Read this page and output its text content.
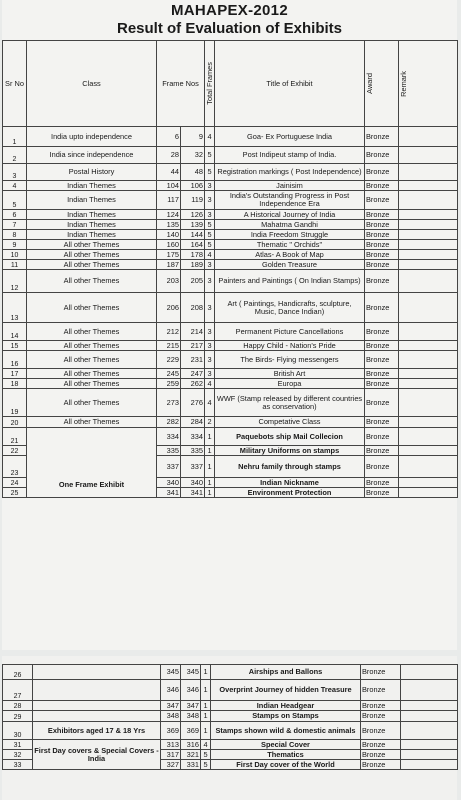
MAHAPEX-2012
Result of Evaluation of Exhibits
Sr No	Class	Frame Nos		Total Frames	Title of Exhibit	Award	Remark

1	India upto independence	6	9	4	Goa- Ex Portuguese India	Bronze	
2	India since independence	28	32	5	Post Indipeut stamp of India.	Bronze	
3	Postal History	44	48	5	Registration markings ( Post Independence)	Bronze	
4	Indian Themes	104	106	3	Jainisim	Bronze	
5	Indian Themes	117	119	3	India's Outstanding Progress in Post Independence Era	Bronze	
6	Indian Themes	124	126	3	A Historical Journey of India	Bronze	
7	Indian Themes	135	139	5	Mahatma Gandhi	Bronze	
8	Indian Themes	140	144	5	India Freedom Struggle	Bronze	
9	All other Themes	160	164	5	Thematic " Orchids"	Bronze	
10	All other Themes	175	178	4	Atlas- A Book of Map	Bronze	
11	All other Themes	187	189	3	Golden Treasure	Bronze	
12	All other Themes	203	205	3	Painters and Paintings ( On Indian Stamps)	Bronze	
13	All other Themes	206	208	3	Art ( Paintings, Handicrafts, sculpture, Music, Dance Indian)	Bronze	
14	All other Themes	212	214	3	Permanent Picture Cancellations	Bronze	
15	All other Themes	215	217	3	Happy Child - Nation's Pride	Bronze	
16	All other Themes	229	231	3	The Birds- Flying messengers	Bronze	
17	All other Themes	245	247	3	British Art	Bronze	
18	All other Themes	259	262	4	Europa	Bronze	
19	All other Themes	273	276	4	WWF (Stamp released by different countries as conservation)	Bronze	
20	All other Themes	282	284	2	Competative Class	Bronze	
21	One Frame Exhibit	334	334	1	Paquebots ship Mail Collecion	Bronze	
22		335	335	1	Military Uniforms on stamps	Bronze	
23		337	337	1	Nehru family through stamps	Bronze	
24		340	340	1	Indian Nickname	Bronze	
25		341	341	1	Environment Protection	Bronze	
26		345	345	1	Airships and Ballons	Bronze	
27		346	346	1	Overprint Journey of hidden Treasure	Bronze	
28		347	347	1	Indian Headgear	Bronze	
29		348	348	1	Stamps on Stamps	Bronze	
30	Exhibitors aged 17 & 18 Yrs	369	369	1	Stamps shown wild & domestic animals	Bronze	
31	First Day covers & Special Covers - India	313	316	4	Special Cover	Bronze	
32		317	321	5	Thematics	Bronze	
33		327	331	5	First Day cover of the World	Bronze	
